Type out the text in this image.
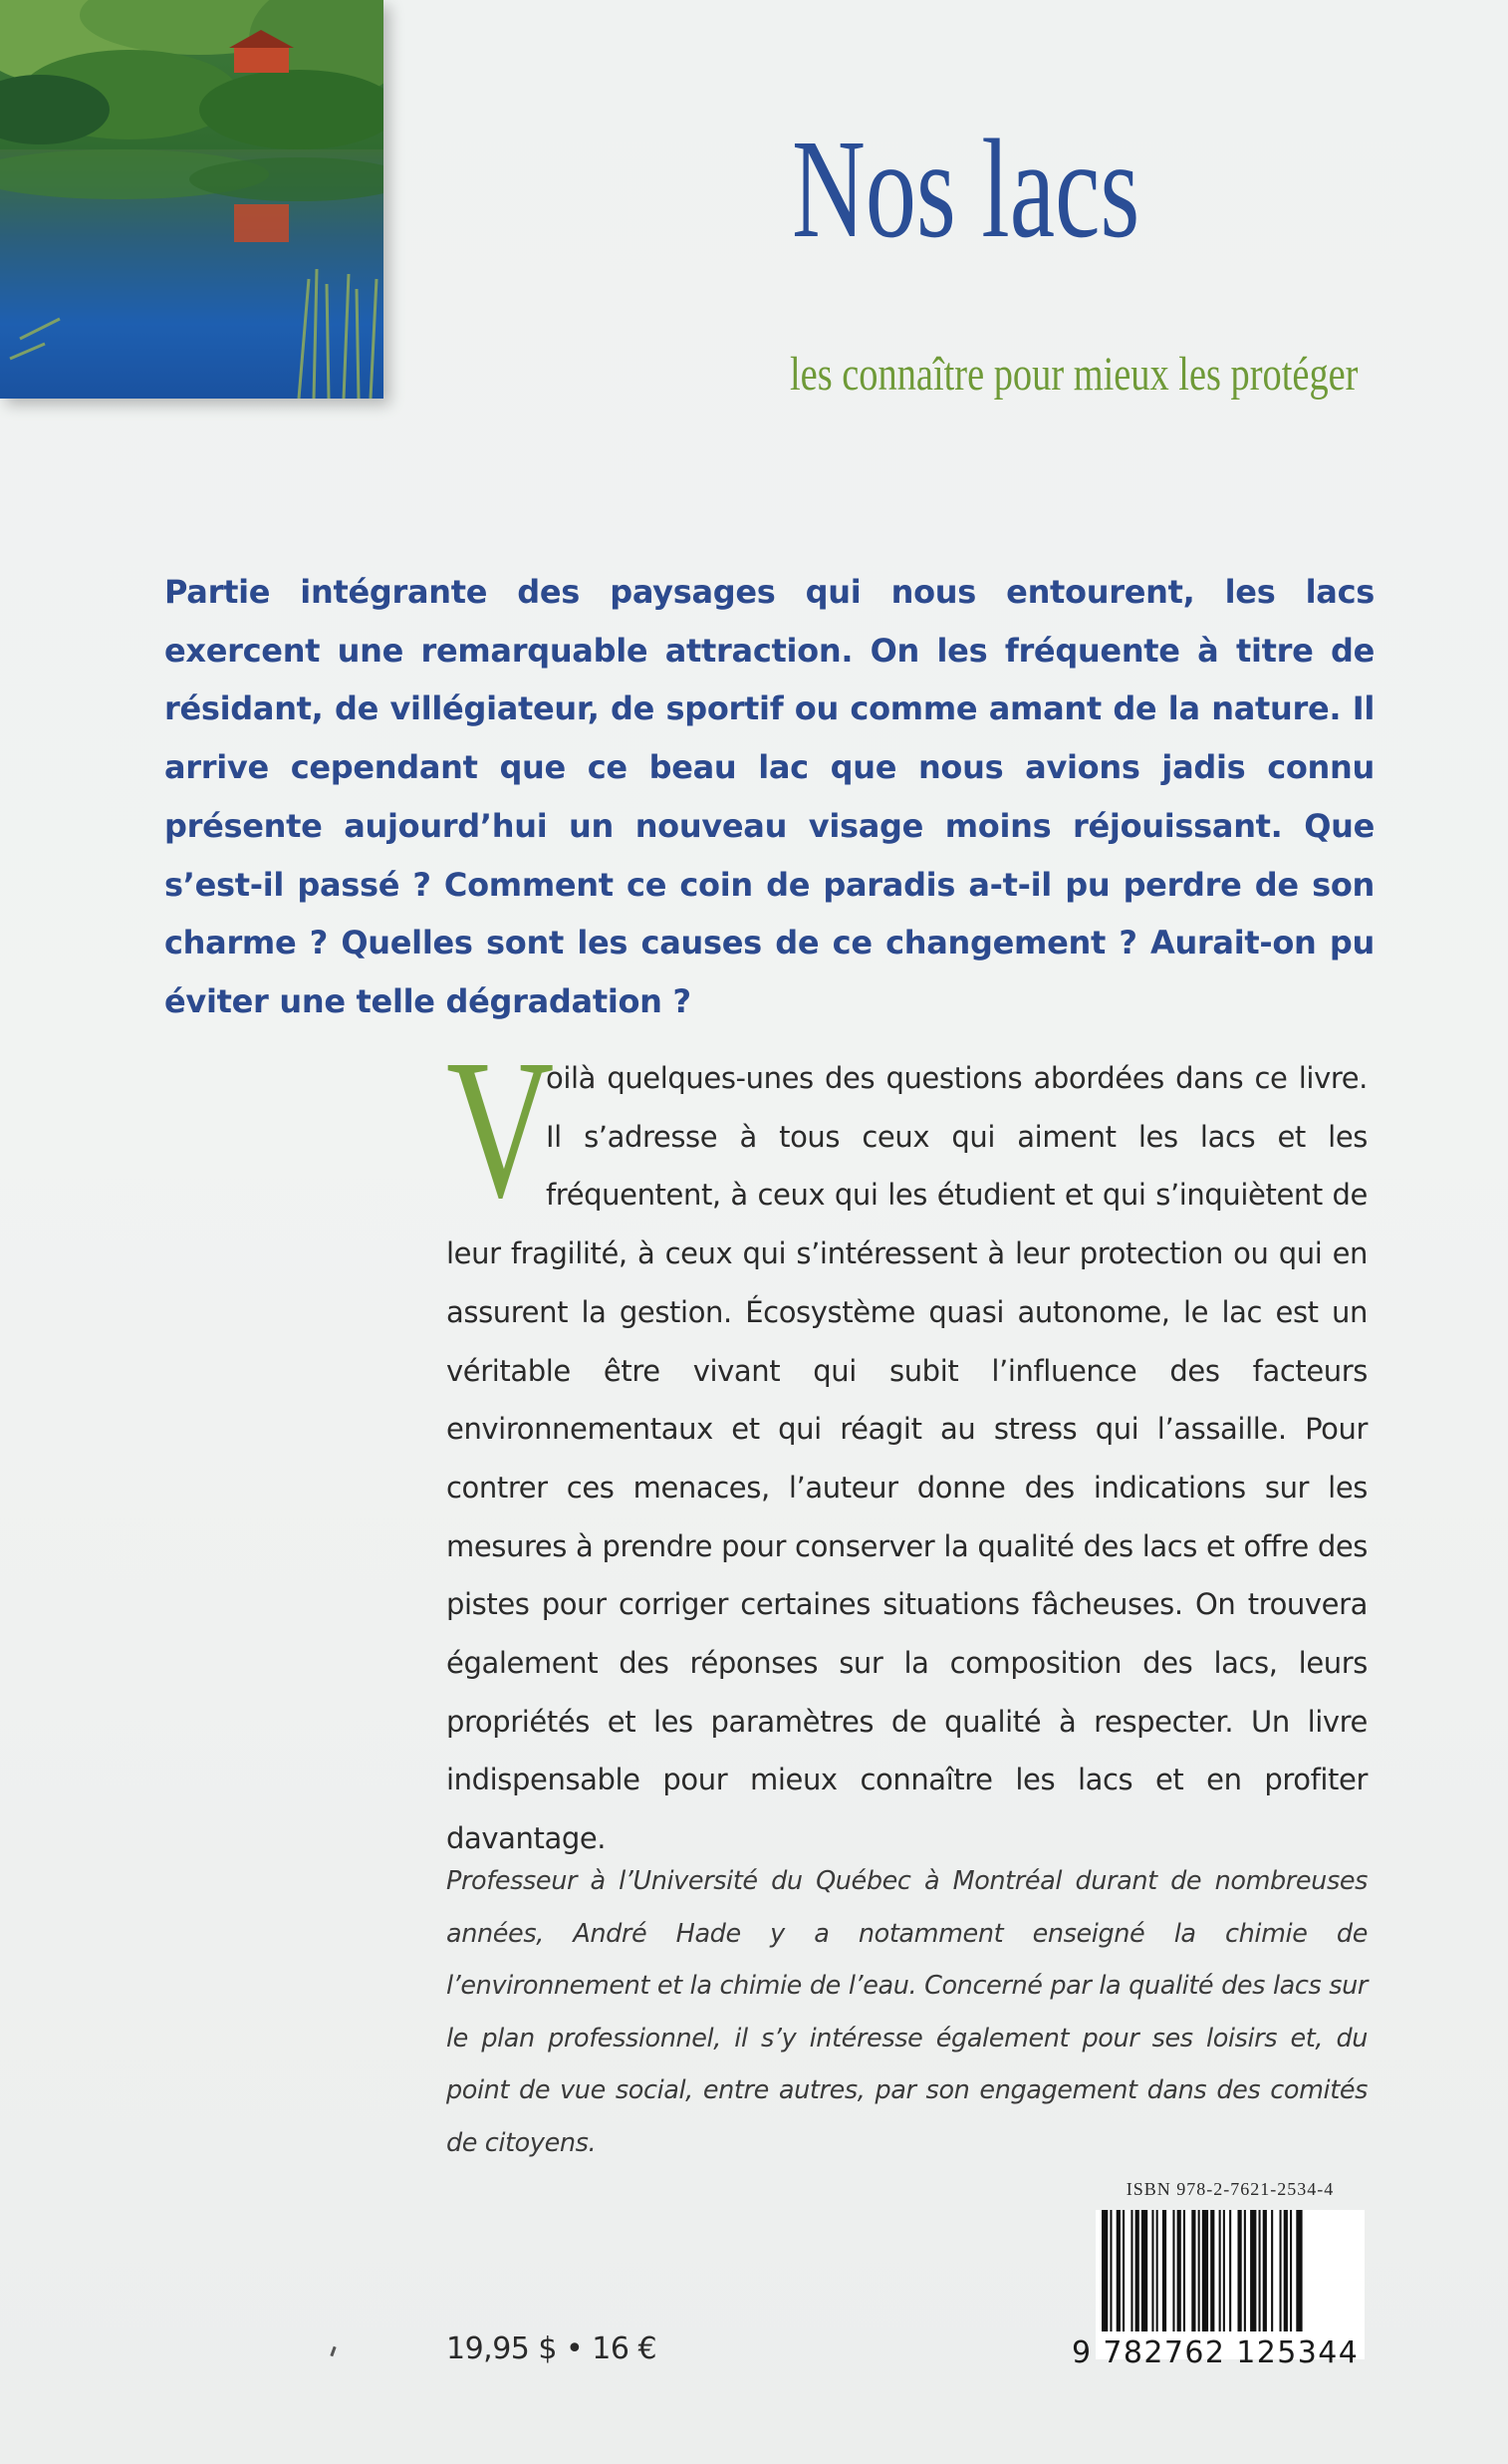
Nos lacs
les connaître pour mieux les protéger

Partie intégrante des paysages qui nous entourent, les lacs exercent une remarquable attraction. On les fréquente à titre de résidant, de villégiateur, de sportif ou comme amant de la nature. Il arrive cependant que ce beau lac que nous avions jadis connu présente aujourd’hui un nouveau visage moins réjouissant. Que s’est-il passé ? Comment ce coin de paradis a-t-il pu perdre de son charme ? Quelles sont les causes de ce changement ? Aurait-on pu éviter une telle dégradation ?

V
oilà quelques-unes des questions abordées dans ce livre. Il s’adresse à tous ceux qui aiment les lacs et les fréquentent, à ceux qui les étudient et qui s’inquiètent de leur fragilité, à ceux qui s’intéressent à leur protection ou qui en assurent la gestion. Écosystème quasi autonome, le lac est un véritable être vivant qui subit l’influence des facteurs environnementaux et qui réagit au stress qui l’assaille. Pour contrer ces menaces, l’auteur donne des indications sur les mesures à prendre pour conserver la qualité des lacs et offre des pistes pour corriger certaines situations fâcheuses. On trouvera également des réponses sur la composition des lacs, leurs propriétés et les paramètres de qualité à respecter. Un livre indispensable pour mieux connaître les lacs et en profiter davantage.

Professeur à l’Université du Québec à Montréal durant de nombreuses années, André Hade y a notamment enseigné la chimie de l’environnement et la chimie de l’eau. Concerné par la qualité des lacs sur le plan professionnel, il s’y intéresse également pour ses loisirs et, du point de vue social, entre autres, par son engagement dans des comités de citoyens.

19,95 $ • 16 €
ISBN 978-2-7621-2534-4
9 782762 125344
